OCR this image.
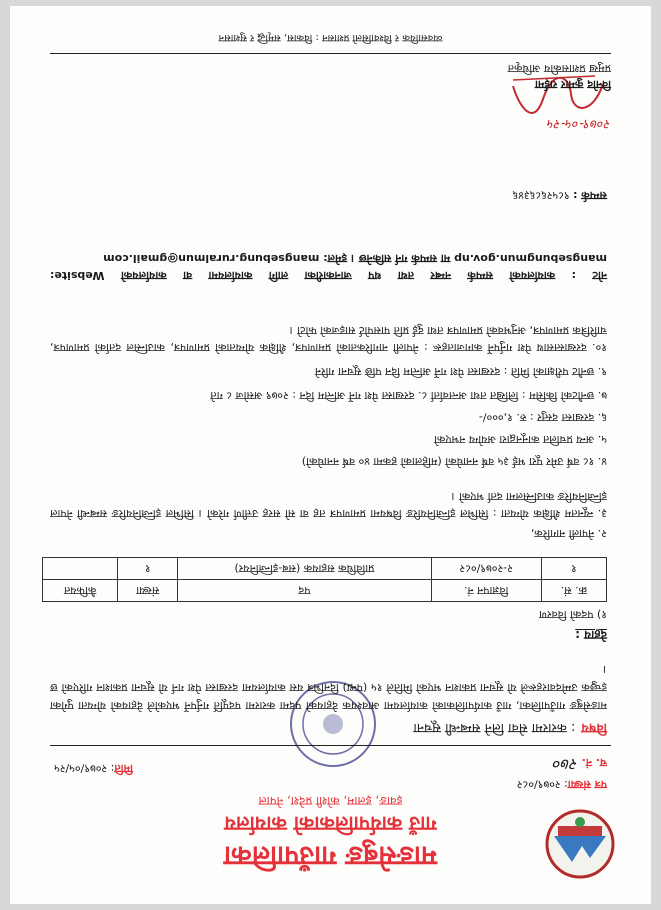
माङसेबुङ गाउँपालिका
गाउँ कार्यपालिकाको कार्यालय
इवाङ, इलाम, कोशी प्रदेश, नेपाल
पत्र संख्या: २०७९/०८२
च. नं. २७०
मिति: २०७९/०५/२५
विषय: करारमा सेवा लिने सम्बन्धी सूचना
माङसेबुङ गाउँपालिका, गाउँ कार्यपालिकाको कार्यालयमा आवश्यक देहायको पदमा करारमा पदपूर्ति गर्नुपर्ने भएकोले देहायको योग्यता पुगेका इच्छुक उम्मेदवारहरूले यो सूचना प्रकाशन भएको मितिले १५ (पन्ध्र) दिनभित्र यस कार्यालयमा दरखास्त पेश गर्न यो सूचना प्रकाशन गरिएको छ ।
देहाय :
१) पदको विवरण
क्र. सं.	विज्ञापन नं.	पद	संख्या	कैफियत
१	२-२०७९/०८२	प्राविधिक सहायक (सब-इन्जिनियर)	१	
२. नेपाली नागरिक,
३. न्यूनतम शैक्षिक योग्यता : सिभिल इन्जिनियरिङ विषयमा प्रमाणपत्र तह वा सो सरह उत्तीर्ण गरेको । सिभिल इन्जिनियरिङ सम्बन्धी नेपाल इन्जिनियरिङ काउन्सिलमा दर्ता भएको ।
४. १८ वर्ष उमेर पूरा भई ३५ वर्ष ननाघेको (महिलाको हकमा ४० वर्ष ननाघेको)
५. अन्य प्रचलित कानूनद्वारा अयोग्य नभएको
६. दरखास्त दस्तुर : रु. १,०००/-
७. छनौटको किसिम : लिखित तथा अन्तर्वार्ता ८. दरखास्त पेश गर्ने अन्तिम दिन : २०७९ असोज ८ गते
९. छनौट परीक्षाको मिति : दरखास्त पेश गर्ने अन्तिम दिन पछि सूचना गरिने
१०. दरखास्तसाथ पेश गर्नुपर्ने कागजातहरू : नेपाली नागरिकताको प्रमाणपत्र, शैक्षिक योग्यताको प्रमाणपत्र, काउन्सिल दर्ताको प्रमाणपत्र, चारित्रिक प्रमाणपत्र, अनुभवको प्रमाणपत्र तथा दुई प्रति पासपोर्ट साइजको फोटो ।
नोट : कार्यालयको सम्पर्क नम्बर तथा थप जानकारीका लागि कार्यालयमा वा कार्यालयको Website: mangsebungmun.gov.np मा सम्पर्क गर्न सकिनेछ । इमेल: mangsebung.ruralmun@gmail.com
सम्पर्क : ९८५२६८६३४६
२०७९-०५-२५
विनोद कुमार राईमा
प्रमुख प्रशासकीय अधिकृत
व्यवसायिक र विश्वासिलो प्रशासन : विकास, समृद्धि र सुशासन
